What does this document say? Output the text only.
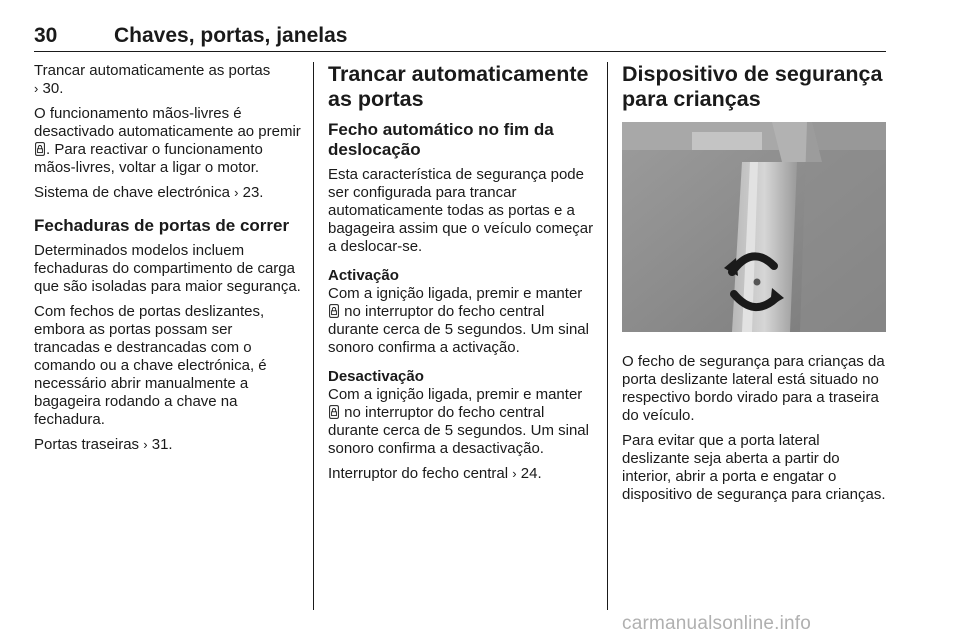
30	Chaves, portas, janelas

Trancar automaticamente as portas
› 30.

O funcionamento mãos-livres é desactivado automaticamente ao premir . Para reactivar o funcionamento mãos-livres, voltar a ligar o motor.

Sistema de chave electrónica › 23.

Fechaduras de portas de correr

Determinados modelos incluem fechaduras do compartimento de carga que são isoladas para maior segurança.

Com fechos de portas deslizantes, embora as portas possam ser trancadas e destrancadas com o comando ou a chave electrónica, é necessário abrir manualmente a bagageira rodando a chave na fechadura.

Portas traseiras › 31.

Trancar automaticamente as portas
Fecho automático no fim da deslocação

Esta característica de segurança pode ser configurada para trancar automaticamente todas as portas e a bagageira assim que o veículo começar a deslocar-se.

Activação

Com a ignição ligada, premir e manter  no interruptor do fecho central durante cerca de 5 segundos. Um sinal sonoro confirma a activação.

Desactivação

Com a ignição ligada, premir e manter  no interruptor do fecho central durante cerca de 5 segundos. Um sinal sonoro confirma a desactivação.

Interruptor do fecho central › 24.

Dispositivo de segurança para crianças

O fecho de segurança para crianças da porta deslizante lateral está situado no respectivo bordo virado para a traseira do veículo.

Para evitar que a porta lateral deslizante seja aberta a partir do interior, abrir a porta e engatar o dispositivo de segurança para crianças.

carmanualsonline.info
